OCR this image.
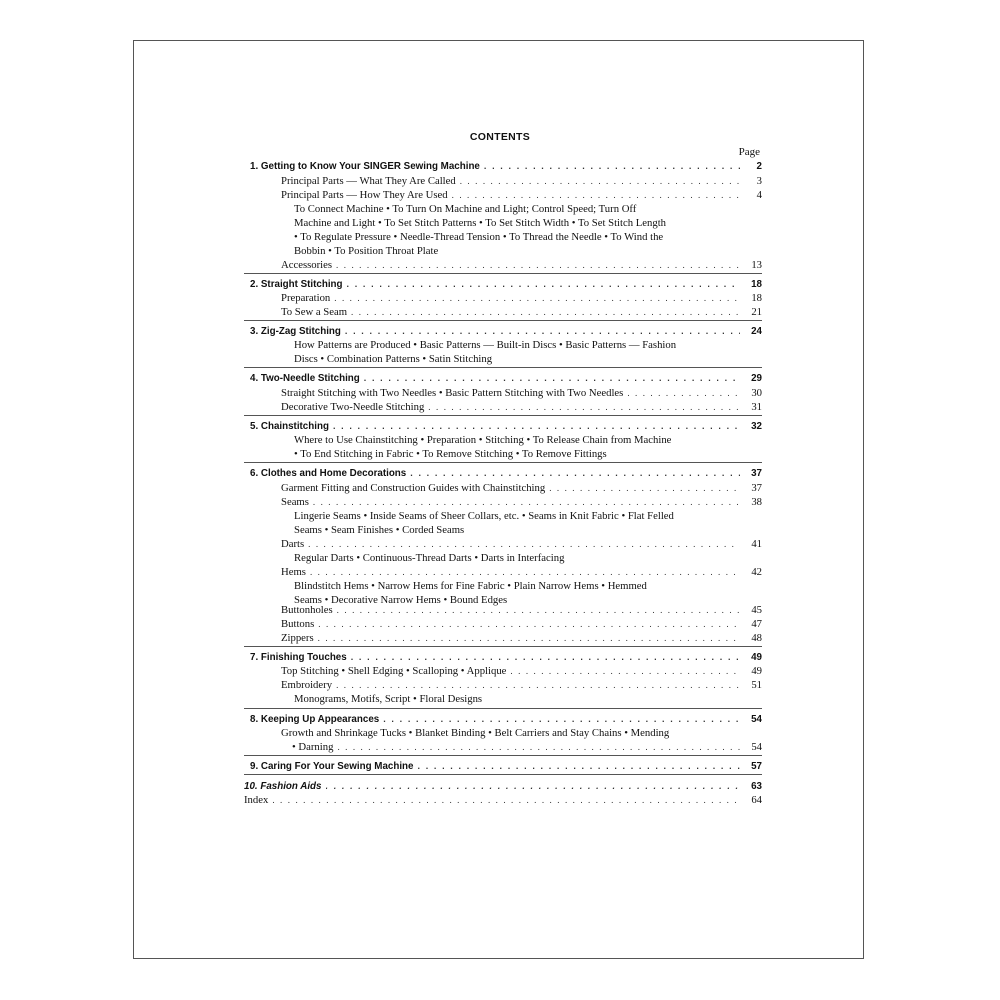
CONTENTS
Page
1. Getting to Know Your SINGER Sewing Machine . . .	2
Principal Parts — What They Are Called . . .	3
Principal Parts — How They Are Used . . .	4
To Connect Machine • To Turn On Machine and Light; Control Speed; Turn Off
Machine and Light • To Set Stitch Patterns • To Set Stitch Width • To Set Stitch Length
• To Regulate Pressure • Needle-Thread Tension • To Thread the Needle • To Wind the
Bobbin • To Position Throat Plate
Accessories . . .	13
2. Straight Stitching . . .	18
Preparation . . .	18
To Sew a Seam . . .	21
3. Zig-Zag Stitching . . .	24
How Patterns are Produced • Basic Patterns — Built-in Discs • Basic Patterns — Fashion
Discs • Combination Patterns • Satin Stitching
4. Two-Needle Stitching . . .	29
Straight Stitching with Two Needles • Basic Pattern Stitching with Two Needles . . .	30
Decorative Two-Needle Stitching . . .	31
5. Chainstitching . . .	32
Where to Use Chainstitching • Preparation • Stitching • To Release Chain from Machine
• To End Stitching in Fabric • To Remove Stitching • To Remove Fittings
6. Clothes and Home Decorations . . .	37
Garment Fitting and Construction Guides with Chainstitching . . .	37
Seams . . .	38
Lingerie Seams • Inside Seams of Sheer Collars, etc. • Seams in Knit Fabric • Flat Felled
Seams • Seam Finishes • Corded Seams
Darts . . .	41
Regular Darts • Continuous-Thread Darts • Darts in Interfacing
Hems . . .	42
Blindstitch Hems • Narrow Hems for Fine Fabric • Plain Narrow Hems • Hemmed
Seams • Decorative Narrow Hems • Bound Edges
Buttonholes . . .	45
Buttons . . .	47
Zippers . . .	48
7. Finishing Touches . . .	49
Top Stitching • Shell Edging • Scalloping • Applique . . .	49
Embroidery . . .	51
Monograms, Motifs, Script • Floral Designs
8. Keeping Up Appearances . . .	54
Growth and Shrinkage Tucks • Blanket Binding • Belt Carriers and Stay Chains • Mending
• Darning . . .	54
9. Caring For Your Sewing Machine . . .	57
10. Fashion Aids . . .	63
Index . . .	64
